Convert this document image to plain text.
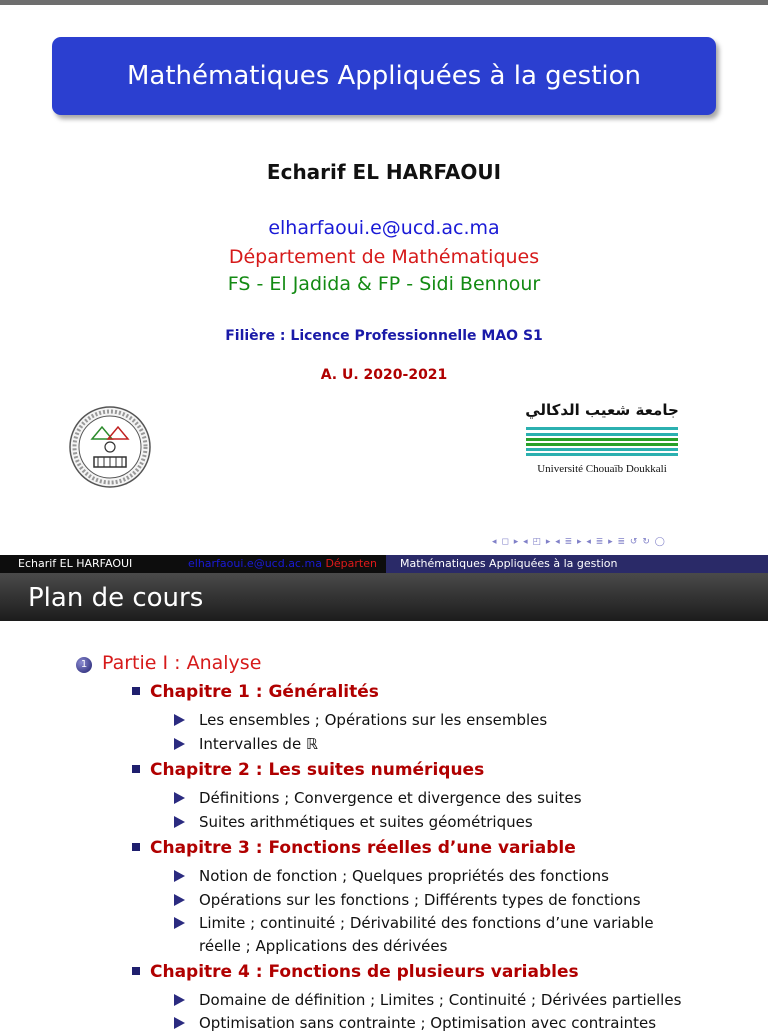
Mathématiques Appliquées à la gestion
Echarif EL HARFAOUI
elharfaoui.e@ucd.ac.ma
Département de Mathématiques
FS - El Jadida & FP - Sidi Bennour
Filière : Licence Professionnelle MAO S1
A. U. 2020-2021
جامعة شعيب الدكالي
Université Chouaïb Doukkali
◂ ◻ ▸ ◂ ◰ ▸ ◂ ≣ ▸ ◂ ≣ ▸ ≣ ↺ ↻ ◯
Echarif EL HARFAOUI	elharfaoui.e@ucd.ac.ma Départen	Mathématiques Appliquées à la gestion
Plan de cours
1 Partie I : Analyse
Chapitre 1 : Généralités
Les ensembles ; Opérations sur les ensembles
Intervalles de ℝ
Chapitre 2 : Les suites numériques
Définitions ; Convergence et divergence des suites
Suites arithmétiques et suites géométriques
Chapitre 3 : Fonctions réelles d’une variable
Notion de fonction ; Quelques propriétés des fonctions
Opérations sur les fonctions ; Différents types de fonctions
Limite ; continuité ; Dérivabilité des fonctions d’une variable
réelle ; Applications des dérivées
Chapitre 4 : Fonctions de plusieurs variables
Domaine de définition ; Limites ; Continuité ; Dérivées partielles
Optimisation sans contrainte ; Optimisation avec contraintes
